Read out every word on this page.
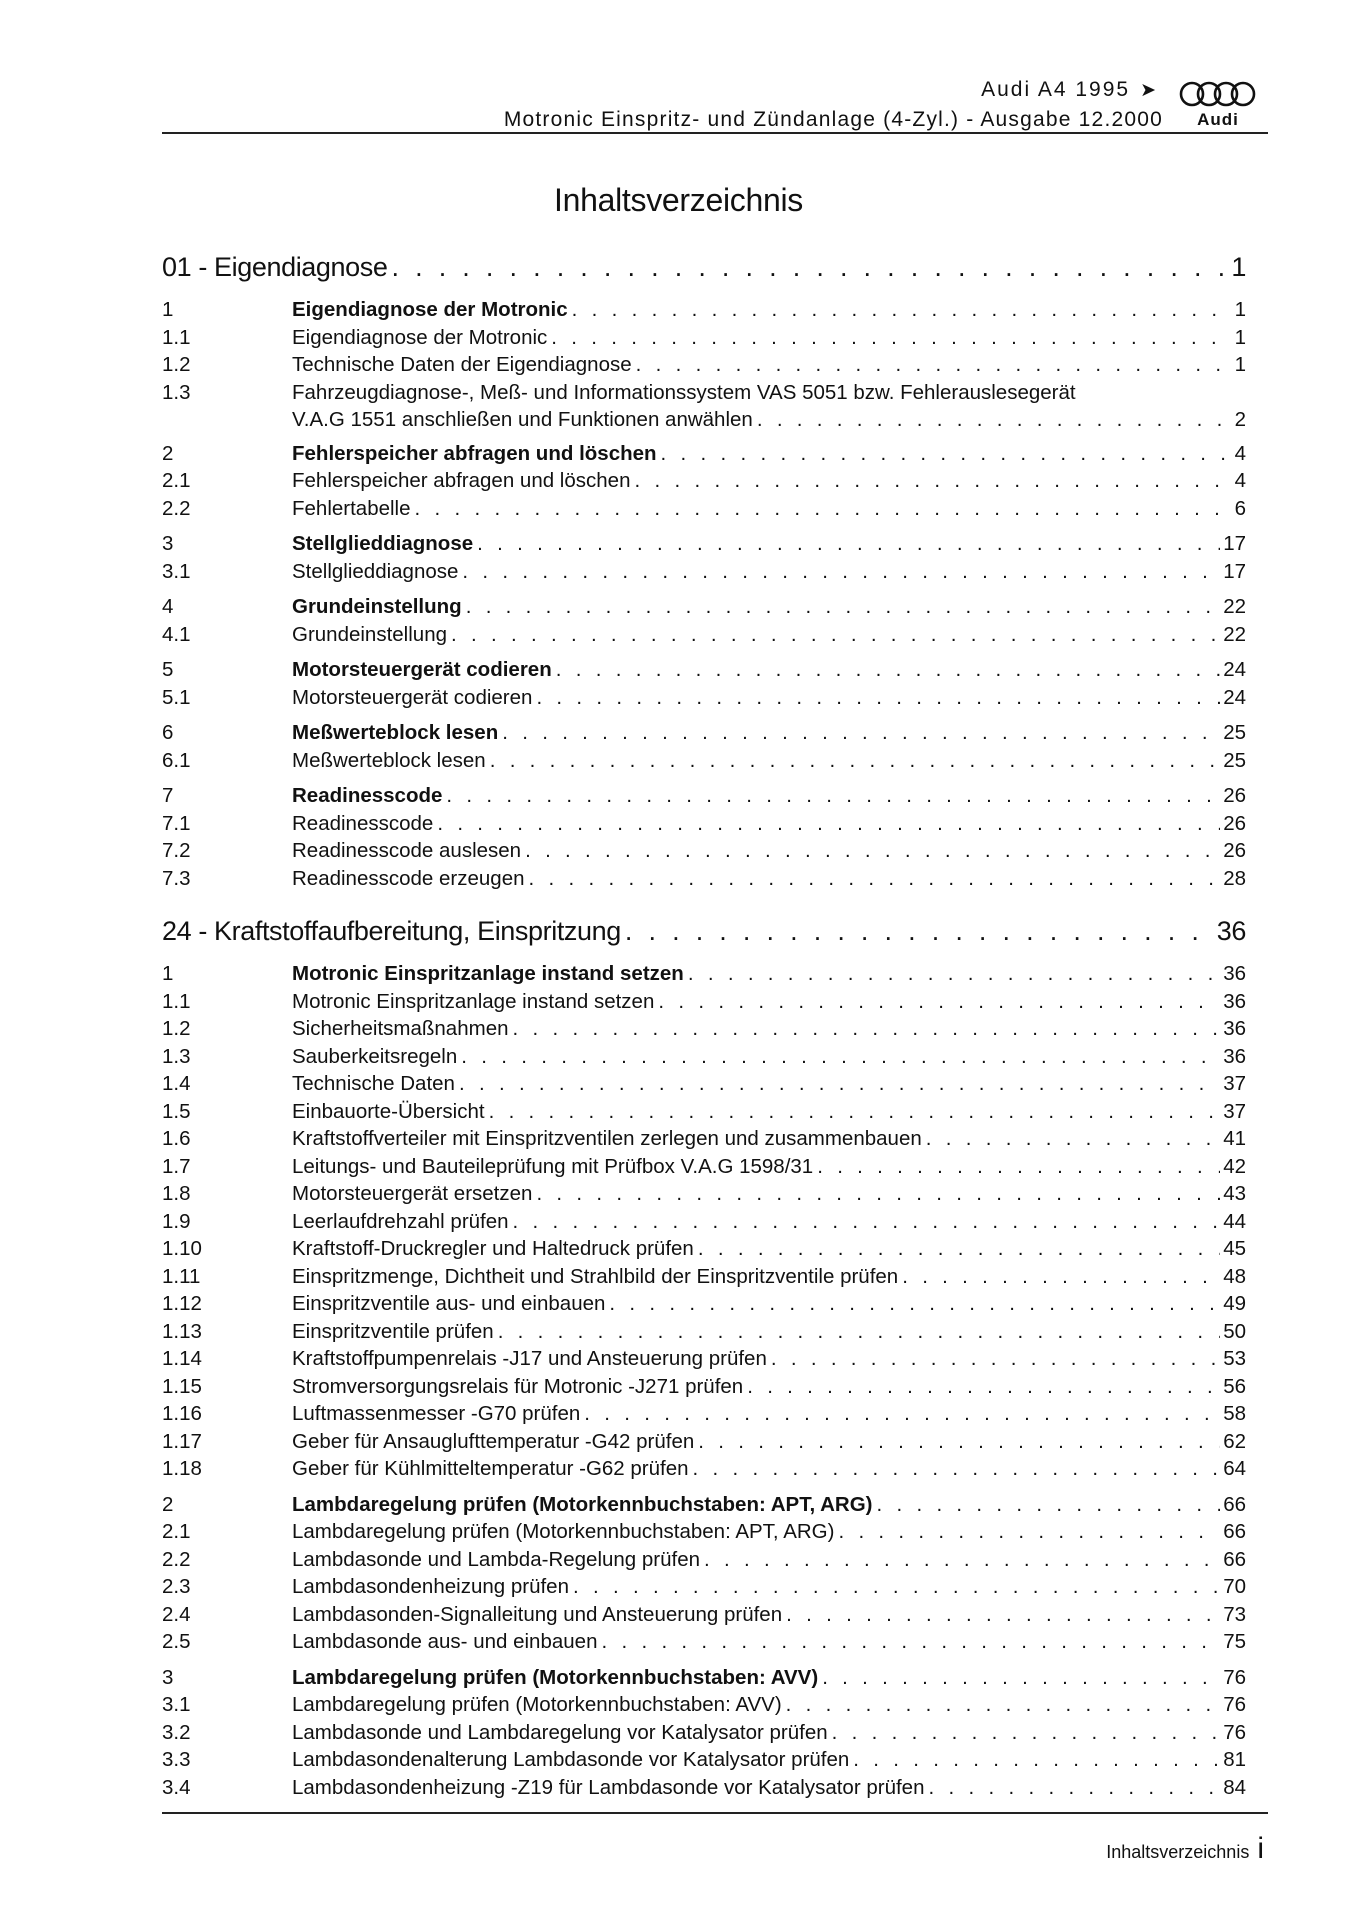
Audi A4 1995 ➤
Motronic Einspritz- und Zündanlage (4-Zyl.) - Ausgabe 12.2000	Audi
Inhaltsverzeichnis
01 - Eigendiagnose . . .	1
1	Eigendiagnose der Motronic . . .	1
1.1	Eigendiagnose der Motronic . . .	1
1.2	Technische Daten der Eigendiagnose . . .	1
1.3	Fahrzeugdiagnose-, Meß- und Informationssystem VAS 5051 bzw. Fehlerauslesegerät
V.A.G 1551 anschließen und Funktionen anwählen . . .	2
2	Fehlerspeicher abfragen und löschen . . .	4
2.1	Fehlerspeicher abfragen und löschen . . .	4
2.2	Fehlertabelle . . .	6
3	Stellglieddiagnose . . .	17
3.1	Stellglieddiagnose . . .	17
4	Grundeinstellung . . .	22
4.1	Grundeinstellung . . .	22
5	Motorsteuergerät codieren . . .	24
5.1	Motorsteuergerät codieren . . .	24
6	Meßwerteblock lesen . . .	25
6.1	Meßwerteblock lesen . . .	25
7	Readinesscode . . .	26
7.1	Readinesscode . . .	26
7.2	Readinesscode auslesen . . .	26
7.3	Readinesscode erzeugen . . .	28
24 - Kraftstoffaufbereitung, Einspritzung . . .	36
1	Motronic Einspritzanlage instand setzen . . .	36
1.1	Motronic Einspritzanlage instand setzen . . .	36
1.2	Sicherheitsmaßnahmen . . .	36
1.3	Sauberkeitsregeln . . .	36
1.4	Technische Daten . . .	37
1.5	Einbauorte-Übersicht . . .	37
1.6	Kraftstoffverteiler mit Einspritzventilen zerlegen und zusammenbauen . . .	41
1.7	Leitungs- und Bauteileprüfung mit Prüfbox V.A.G 1598/31 . . .	42
1.8	Motorsteuergerät ersetzen . . .	43
1.9	Leerlaufdrehzahl prüfen . . .	44
1.10	Kraftstoff-Druckregler und Haltedruck prüfen . . .	45
1.11	Einspritzmenge, Dichtheit und Strahlbild der Einspritzventile prüfen . . .	48
1.12	Einspritzventile aus- und einbauen . . .	49
1.13	Einspritzventile prüfen . . .	50
1.14	Kraftstoffpumpenrelais -J17 und Ansteuerung prüfen . . .	53
1.15	Stromversorgungsrelais für Motronic -J271 prüfen . . .	56
1.16	Luftmassenmesser -G70 prüfen . . .	58
1.17	Geber für Ansauglufttemperatur -G42 prüfen . . .	62
1.18	Geber für Kühlmitteltemperatur -G62 prüfen . . .	64
2	Lambdaregelung prüfen (Motorkennbuchstaben: APT, ARG) . . .	66
2.1	Lambdaregelung prüfen (Motorkennbuchstaben: APT, ARG) . . .	66
2.2	Lambdasonde und Lambda-Regelung prüfen . . .	66
2.3	Lambdasondenheizung prüfen . . .	70
2.4	Lambdasonden-Signalleitung und Ansteuerung prüfen . . .	73
2.5	Lambdasonde aus- und einbauen . . .	75
3	Lambdaregelung prüfen (Motorkennbuchstaben: AVV) . . .	76
3.1	Lambdaregelung prüfen (Motorkennbuchstaben: AVV) . . .	76
3.2	Lambdasonde und Lambdaregelung vor Katalysator prüfen . . .	76
3.3	Lambdasondenalterung Lambdasonde vor Katalysator prüfen . . .	81
3.4	Lambdasondenheizung -Z19 für Lambdasonde vor Katalysator prüfen . . .	84
Inhaltsverzeichnis i
